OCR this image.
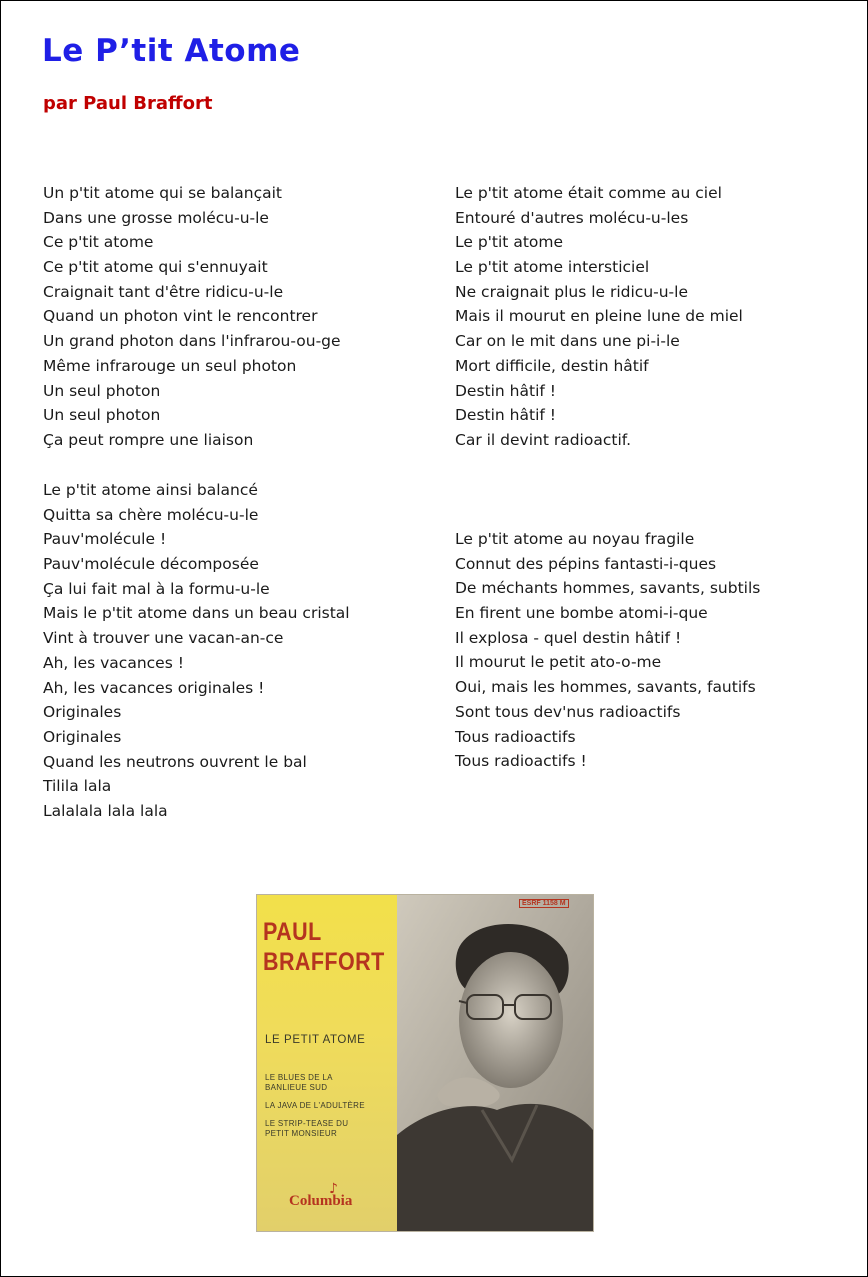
Le P’tit Atome
par Paul Braffort
Un p'tit atome qui se balançait
Dans une grosse molécu-u-le
Ce p'tit atome
Ce p'tit atome qui s'ennuyait
Craignait tant d'être ridicu-u-le
Quand un photon vint le rencontrer
Un grand photon dans l'infrarou-ou-ge
Même infrarouge un seul photon
Un seul photon
Un seul photon
Ça peut rompre une liaison
Le p'tit atome ainsi balancé
Quitta sa chère molécu-u-le
Pauv'molécule !
Pauv'molécule décomposée
Ça lui fait mal à la formu-u-le
Mais le p'tit atome dans un beau cristal
Vint à trouver une vacan-an-ce
Ah, les vacances !
Ah, les vacances originales !
Originales
Originales
Quand les neutrons ouvrent le bal
Tilila lala
Lalalala lala lala
Le p'tit atome était comme au ciel
Entouré d'autres molécu-u-les
Le p'tit atome
Le p'tit atome intersticiel
Ne craignait plus le ridicu-u-le
Mais il mourut en pleine lune de miel
Car on le mit dans une pi-i-le
Mort difficile, destin hâtif
Destin hâtif !
Destin hâtif !
Car il devint radioactif.
Le p'tit atome au noyau fragile
Connut des pépins fantasti-i-ques
De méchants hommes, savants, subtils
En firent une bombe atomi-i-que
Il explosa - quel destin hâtif !
Il mourut le petit ato-o-me
Oui, mais les hommes, savants, fautifs
Sont tous dev'nus radioactifs
Tous radioactifs
Tous radioactifs !
ESRF 1158 M
PAUL
BRAFFORT
LE PETIT ATOME
LE BLUES DE LA
BANLIEUE SUD
LA JAVA DE L'ADULTÈRE
LE STRIP-TEASE DU
PETIT MONSIEUR
♪
Columbia
